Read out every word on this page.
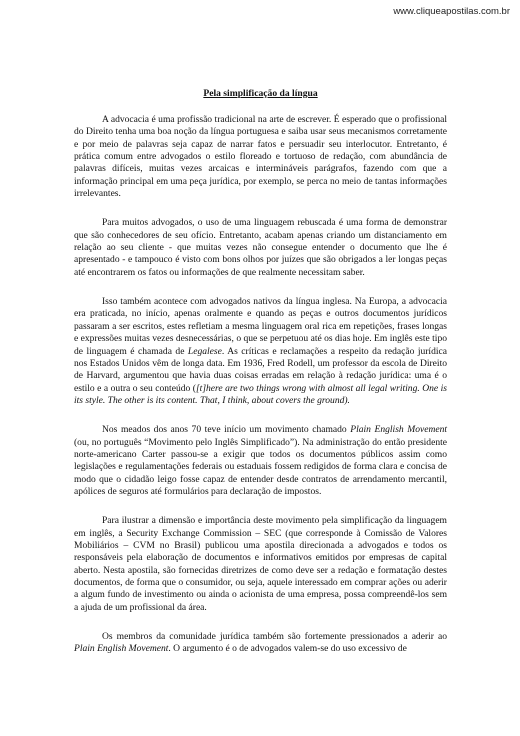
www.cliqueapostilas.com.br
Pela simplificação da língua

A advocacia é uma profissão tradicional na arte de escrever. É esperado que o profissional do Direito tenha uma boa noção da língua portuguesa e saiba usar seus mecanismos corretamente e por meio de palavras seja capaz de narrar fatos e persuadir seu interlocutor. Entretanto, é prática comum entre advogados o estilo floreado e tortuoso de redação, com abundância de palavras difíceis, muitas vezes arcaicas e intermináveis parágrafos, fazendo com que a informação principal em uma peça jurídica, por exemplo, se perca no meio de tantas informações irrelevantes.

Para muitos advogados, o uso de uma linguagem rebuscada é uma forma de demonstrar que são conhecedores de seu ofício. Entretanto, acabam apenas criando um distanciamento em relação ao seu cliente - que muitas vezes não consegue entender o documento que lhe é apresentado - e tampouco é visto com bons olhos por juízes que são obrigados a ler longas peças até encontrarem os fatos ou informações de que realmente necessitam saber.

Isso também acontece com advogados nativos da língua inglesa. Na Europa, a advocacia era praticada, no início, apenas oralmente e quando as peças e outros documentos jurídicos passaram a ser escritos, estes refletiam a mesma linguagem oral rica em repetições, frases longas e expressões muitas vezes desnecessárias, o que se perpetuou até os dias hoje. Em inglês este tipo de linguagem é chamada de Legalese. As críticas e reclamações a respeito da redação jurídica nos Estados Unidos vêm de longa data. Em 1936, Fred Rodell, um professor da escola de Direito de Harvard, argumentou que havia duas coisas erradas em relação à redação jurídica: uma é o estilo e a outra o seu conteúdo ([t]here are two things wrong with almost all legal writing. One is its style. The other is its content. That, I think, about covers the ground).

Nos meados dos anos 70 teve início um movimento chamado Plain English Movement (ou, no português “Movimento pelo Inglês Simplificado”). Na administração do então presidente norte-americano Carter passou-se a exigir que todos os documentos públicos assim como legislações e regulamentações federais ou estaduais fossem redigidos de forma clara e concisa de modo que o cidadão leigo fosse capaz de entender desde contratos de arrendamento mercantil, apólices de seguros até formulários para declaração de impostos.

Para ilustrar a dimensão e importância deste movimento pela simplificação da linguagem em inglês, a Security Exchange Commission – SEC (que corresponde à Comissão de Valores Mobiliários – CVM no Brasil) publicou uma apostila direcionada a advogados e todos os responsáveis pela elaboração de documentos e informativos emitidos por empresas de capital aberto. Nesta apostila, são fornecidas diretrizes de como deve ser a redação e formatação destes documentos, de forma que o consumidor, ou seja, aquele interessado em comprar ações ou aderir a algum fundo de investimento ou ainda o acionista de uma empresa, possa compreendê-los sem a ajuda de um profissional da área.

Os membros da comunidade jurídica também são fortemente pressionados a aderir ao Plain English Movement. O argumento é o de advogados valem-se do uso excessivo de
